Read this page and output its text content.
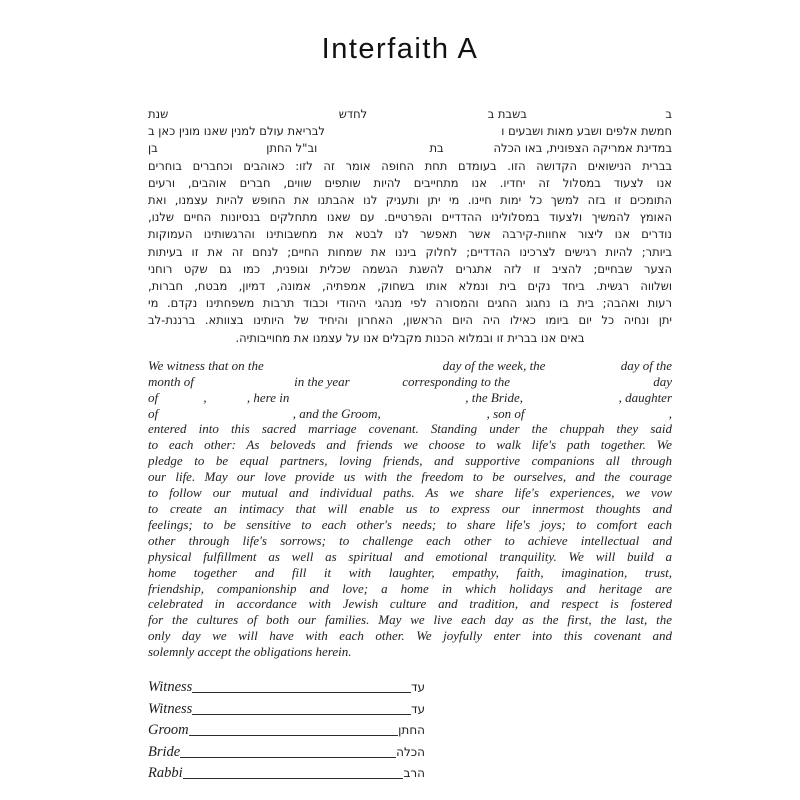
Interfaith A
ב
בשבת ב
לחדש
שנת
חמשת אלפים ושבע מאות ושבעים ו
לבריאת עולם למנין שאנו מונין כאן ב
במדינת אמריקה הצפונית, באו הכלה
בת
וב"ל החתן
בן
בברית הנישואים הקדושה הזו. בעומדם תחת החופה אומר זה לזו: כאוהבים וכחברים בוחרים
אנו לצעוד במסלול זה יחדיו. אנו מתחייבים להיות שותפים שווים, חברים אוהבים, ורעים
התומכים זו בזה למשך כל ימות חיינו. מי יתן ותעניק לנו אהבתנו את החופש להיות עצמנו, ואת
האומץ להמשיך ולצעוד במסלולינו ההדדיים והפרטיים. עם שאנו מתחלקים בנסיונות החיים שלנו,
נודרים אנו ליצור אחוות-קירבה אשר תאפשר לנו לבטא את מחשבותינו והרגשותינו העמוקות
ביותר; להיות רגישים לצרכינו ההדדיים; לחלוק ביננו את שמחות החיים; לנחם זה את זו בעיתות
הצער שבחיים; להציב זו לזה אתגרים להשגת הגשמה שכלית וגופנית, כמו גם שקט רוחני
ושלווה רגשית. ביחד נקים בית ונמלא אותו בשחוק, אמפתיה, אמונה, דמיון, מבטח, חברות,
רעות ואהבה; בית בו נחגוג החגים והמסורה לפי מנהגי היהודי וכבוד תרבות משפחתינו נקדם. מי
יתן ונחיה כל יום ביומו כאילו היה היום הראשון, האחרון והיחיד של היותינו בצוותא. ברננת-לב
באים אנו בברית זו ובמלוא הכנות מקבלים אנו על עצמנו את מחוייבותיה.
We witness that on the	day of the week, the	day of the
month of	in the year	corresponding to the	day
of	,	, here in	, the Bride,	, daughter
of	, and the Groom,	, son of	,
entered into this sacred marriage covenant. Standing under the chuppah they said
to each other: As beloveds and friends we choose to walk life's path together. We
pledge to be equal partners, loving friends, and supportive companions all through
our life. May our love provide us with the freedom to be ourselves, and the courage
to follow our mutual and individual paths. As we share life's experiences, we vow
to create an intimacy that will enable us to express our innermost thoughts and
feelings; to be sensitive to each other's needs; to share life's joys; to comfort each
other through life's sorrows; to challenge each other to achieve intellectual and
physical fulfillment as well as spiritual and emotional tranquility. We will build a
home together and fill it with laughter, empathy, faith, imagination, trust,
friendship, companionship and love; a home in which holidays and heritage are
celebrated in accordance with Jewish culture and tradition, and respect is fostered
for the cultures of both our families. May we live each day as the first, the last, the
only day we will have with each other. We joyfully enter into this covenant and
solemnly accept the obligations herein.
Witness	עד
Witness	עד
Groom	החתן
Bride	הכלה
Rabbi	הרב
